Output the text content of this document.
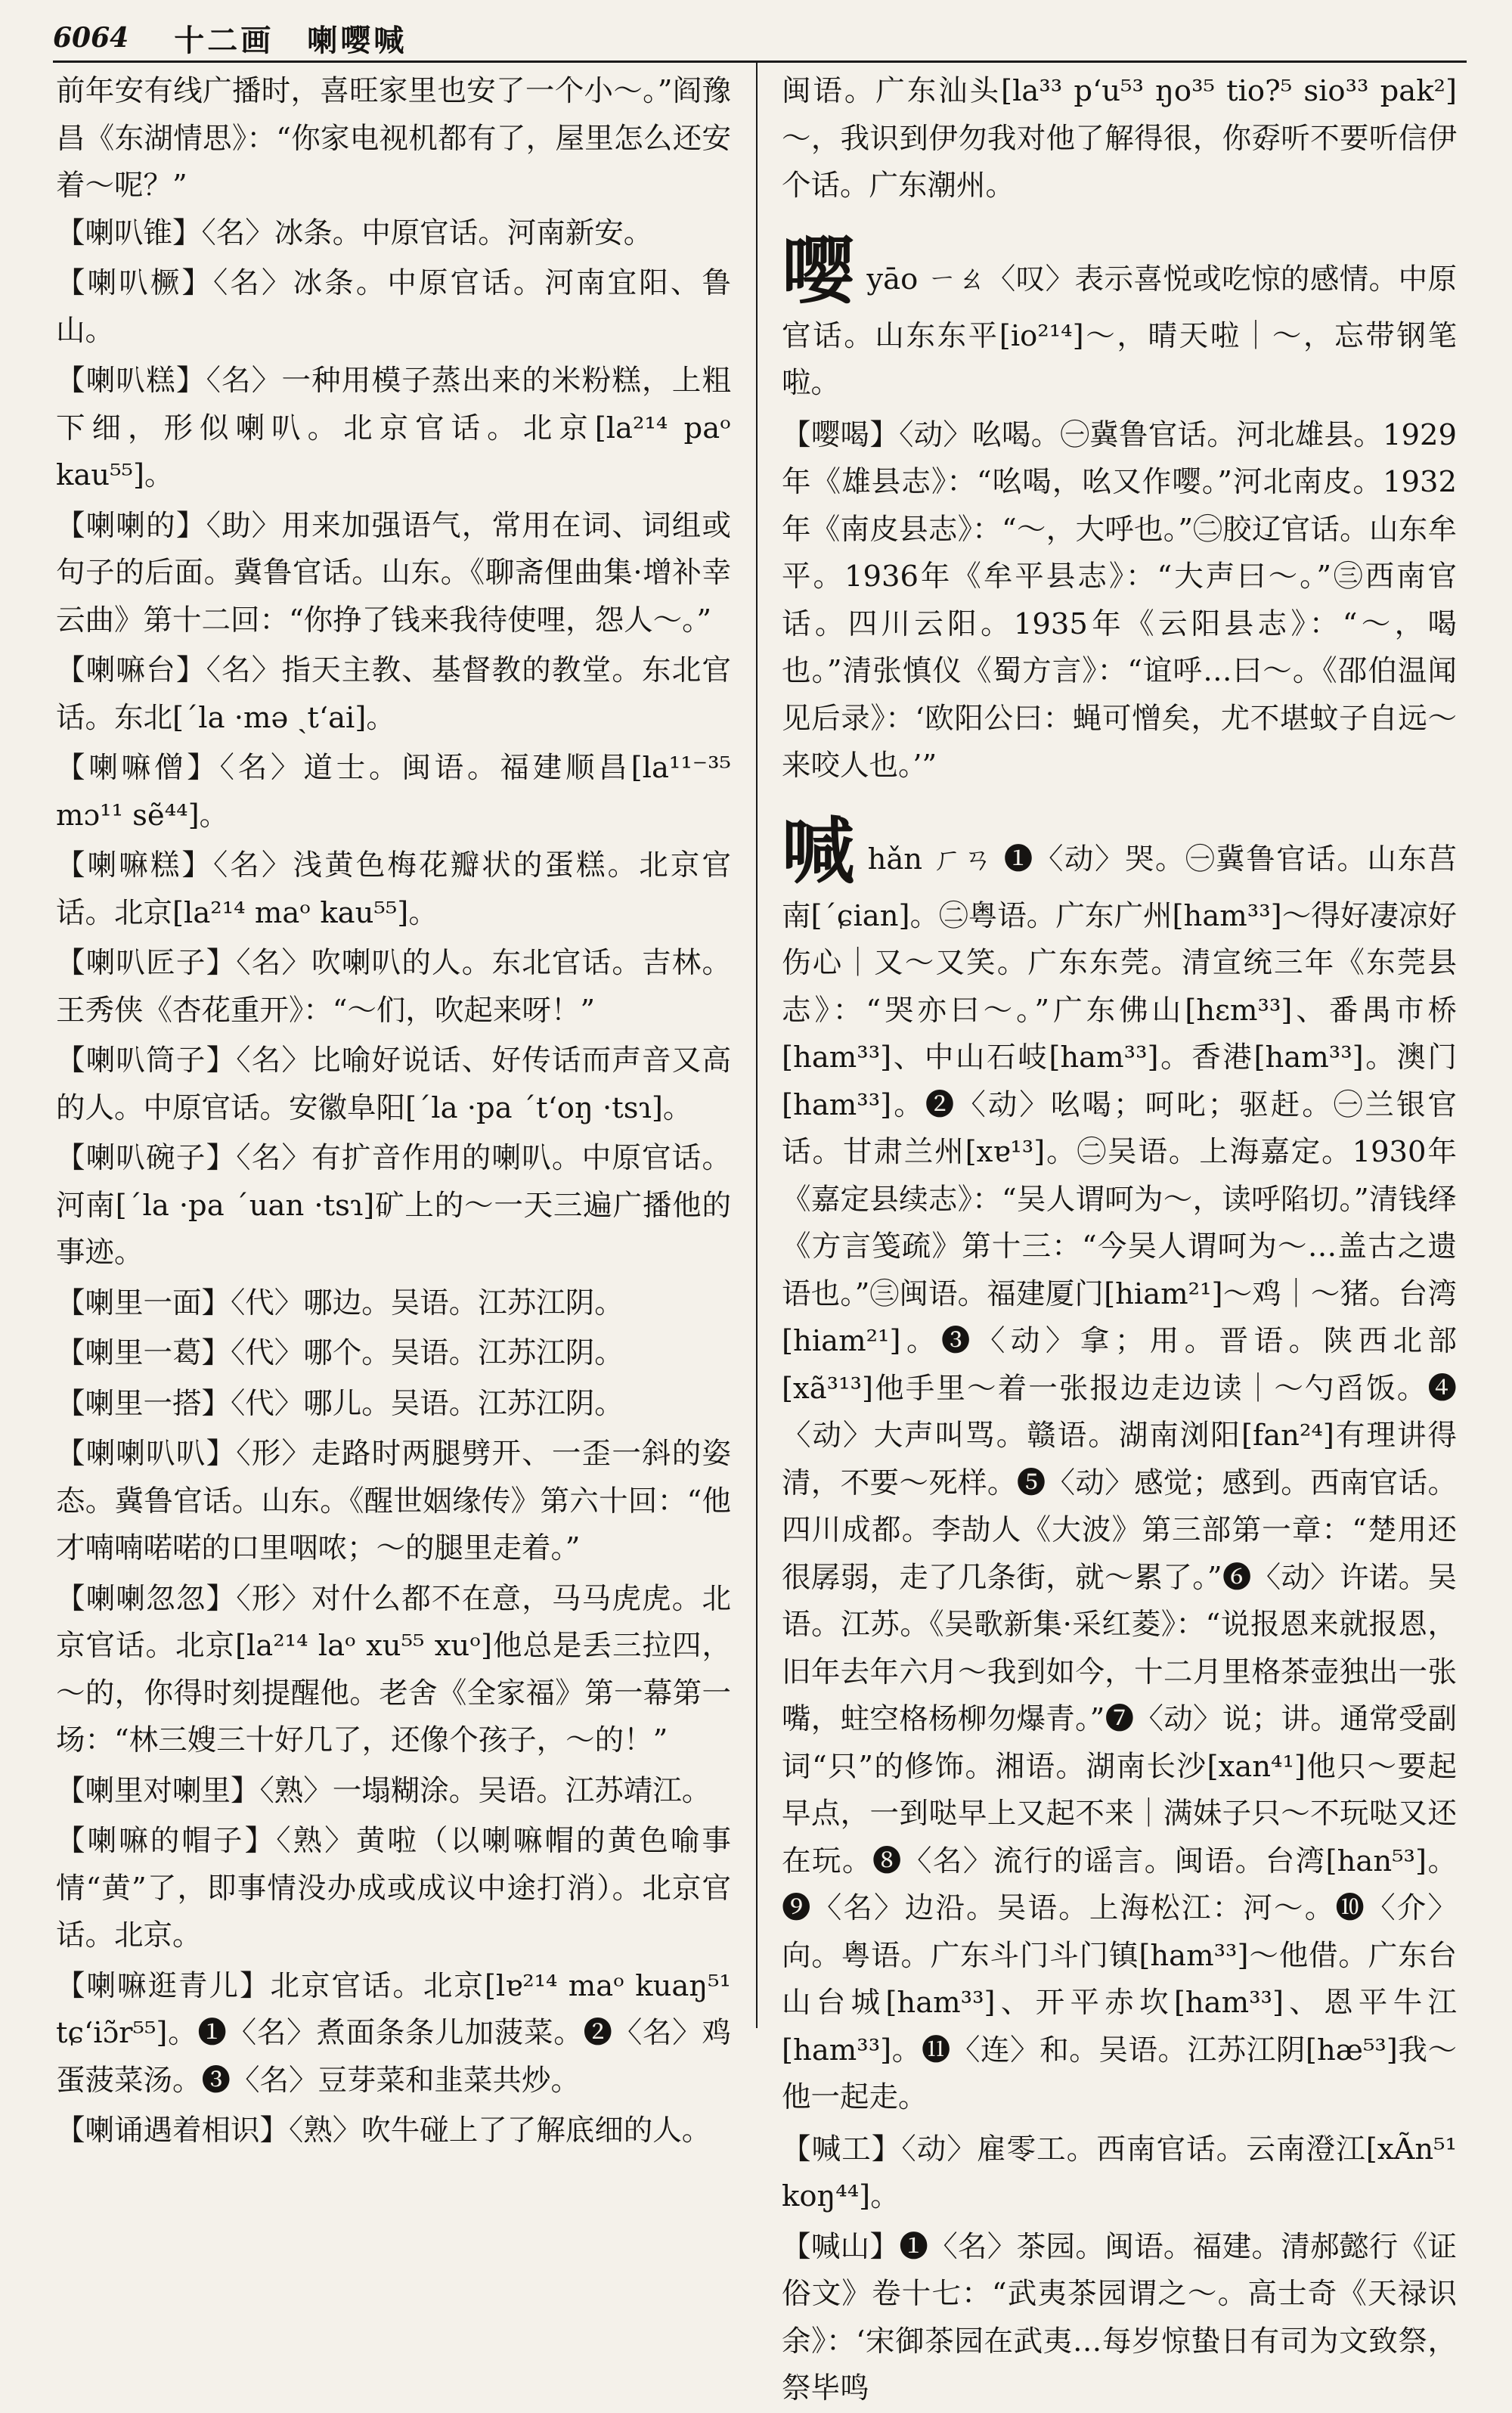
6064 十二画　喇嘤喊

前年安有线广播时，喜旺家里也安了一个小～。”阎豫昌《东湖情思》：“你家电视机都有了，屋里怎么还安着～呢？”

【喇叭锥】〈名〉冰条。中原官话。河南新安。

【喇叭橛】〈名〉冰条。中原官话。河南宜阳、鲁山。

【喇叭糕】〈名〉一种用模子蒸出来的米粉糕，上粗下细，形似喇叭。北京官话。北京[la²¹⁴ paᵒ kau⁵⁵]。

【喇喇的】〈助〉用来加强语气，常用在词、词组或句子的后面。冀鲁官话。山东。《聊斋俚曲集·增补幸云曲》第十二回：“你挣了钱来我待使哩，怨人～。”

【喇嘛台】〈名〉指天主教、基督教的教堂。东北官话。东北[ˊla ·mə ˏtʻai]。

【喇嘛僧】〈名〉道士。闽语。福建顺昌[la¹¹⁻³⁵ mɔ¹¹ sẽ⁴⁴]。

【喇嘛糕】〈名〉浅黄色梅花瓣状的蛋糕。北京官话。北京[la²¹⁴ maᵒ kau⁵⁵]。

【喇叭匠子】〈名〉吹喇叭的人。东北官话。吉林。王秀侠《杏花重开》：“～们，吹起来呀！”

【喇叭筒子】〈名〉比喻好说话、好传话而声音又高的人。中原官话。安徽阜阳[ˊla ·pa ˊtʻoŋ ·tsɿ]。

【喇叭碗子】〈名〉有扩音作用的喇叭。中原官话。河南[ˊla ·pa ˊuan ·tsɿ]矿上的～一天三遍广播他的事迹。

【喇里一面】〈代〉哪边。吴语。江苏江阴。

【喇里一葛】〈代〉哪个。吴语。江苏江阴。

【喇里一搭】〈代〉哪儿。吴语。江苏江阴。

【喇喇叭叭】〈形〉走路时两腿劈开、一歪一斜的姿态。冀鲁官话。山东。《醒世姻缘传》第六十回：“他才喃喃喏喏的口里咽哝；～的腿里走着。”

【喇喇忽忽】〈形〉对什么都不在意，马马虎虎。北京官话。北京[la²¹⁴ laᵒ xu⁵⁵ xuᵒ]他总是丢三拉四，～的，你得时刻提醒他。老舍《全家福》第一幕第一场：“林三嫂三十好几了，还像个孩子，～的！”

【喇里对喇里】〈熟〉一塌糊涂。吴语。江苏靖江。

【喇嘛的帽子】〈熟〉黄啦（以喇嘛帽的黄色喻事情“黄”了，即事情没办成或成议中途打消）。北京官话。北京。

【喇嘛逛青儿】北京官话。北京[lɐ²¹⁴ maᵒ kuaŋ⁵¹ tɕʻiɔ̃r⁵⁵]。❶〈名〉煮面条条儿加菠菜。❷〈名〉鸡蛋菠菜汤。❸〈名〉豆芽菜和韭菜共炒。

【喇诵遇着相识】〈熟〉吹牛碰上了了解底细的人。

闽语。广东汕头[la³³ pʻu⁵³ ŋo³⁵ tio?⁵ sio³³ pak²]～，我识到伊勿我对他了解得很，你孬听不要听信伊个话。广东潮州。

嘤yāo ㄧㄠ〈叹〉表示喜悦或吃惊的感情。中原官话。山东东平[io²¹⁴]～，晴天啦｜～，忘带钢笔啦。

【嘤喝】〈动〉吆喝。㊀冀鲁官话。河北雄县。1929年《雄县志》：“吆喝，吆又作嘤。”河北南皮。1932年《南皮县志》：“～，大呼也。”㊁胶辽官话。山东牟平。1936年《牟平县志》：“大声曰～。”㊂西南官话。四川云阳。1935年《云阳县志》：“～，喝也。”清张慎仪《蜀方言》：“谊呼…曰～。《邵伯温闻见后录》：‘欧阳公曰：蝇可憎矣，尤不堪蚊子自远～来咬人也。’”

喊hǎn ㄏㄢ ❶〈动〉哭。㊀冀鲁官话。山东莒南[ˊɕian]。㊁粤语。广东广州[ham³³]～得好凄凉好伤心｜又～又笑。广东东莞。清宣统三年《东莞县志》：“哭亦曰～。”广东佛山[hɛm³³]、番禺市桥[ham³³]、中山石岐[ham³³]。香港[ham³³]。澳门[ham³³]。❷〈动〉吆喝；呵叱；驱赶。㊀兰银官话。甘肃兰州[xɐ¹³]。㊁吴语。上海嘉定。1930年《嘉定县续志》：“吴人谓呵为～，读呼陷切。”清钱绎《方言笺疏》第十三：“今吴人谓呵为～…盖古之遗语也。”㊂闽语。福建厦门[hiam²¹]～鸡｜～猪。台湾[hiam²¹]。❸〈动〉拿；用。晋语。陕西北部[xã³¹³]他手里～着一张报边走边读｜～勺舀饭。❹〈动〉大声叫骂。赣语。湖南浏阳[fan²⁴]有理讲得清，不要～死样。❺〈动〉感觉；感到。西南官话。四川成都。李劼人《大波》第三部第一章：“楚用还很孱弱，走了几条街，就～累了。”❻〈动〉许诺。吴语。江苏。《吴歌新集·采红菱》：“说报恩来就报恩，旧年去年六月～我到如今，十二月里格茶壶独出一张嘴，蛀空格杨柳勿爆青。”❼〈动〉说；讲。通常受副词“只”的修饰。湘语。湖南长沙[xan⁴¹]他只～要起早点，一到哒早上又起不来｜满妹子只～不玩哒又还在玩。❽〈名〉流行的谣言。闽语。台湾[han⁵³]。❾〈名〉边沿。吴语。上海松江：河～。❿〈介〉向。粤语。广东斗门斗门镇[ham³³]～他借。广东台山台城[ham³³]、开平赤坎[ham³³]、恩平牛江[ham³³]。⓫〈连〉和。吴语。江苏江阴[hæ⁵³]我～他一起走。

【喊工】〈动〉雇零工。西南官话。云南澄江[xÃn⁵¹ koŋ⁴⁴]。

【喊山】❶〈名〉茶园。闽语。福建。清郝懿行《证俗文》卷十七：“武夷茶园谓之～。高士奇《天禄识余》：‘宋御茶园在武夷…每岁惊蛰日有司为文致祭，祭毕鸣
